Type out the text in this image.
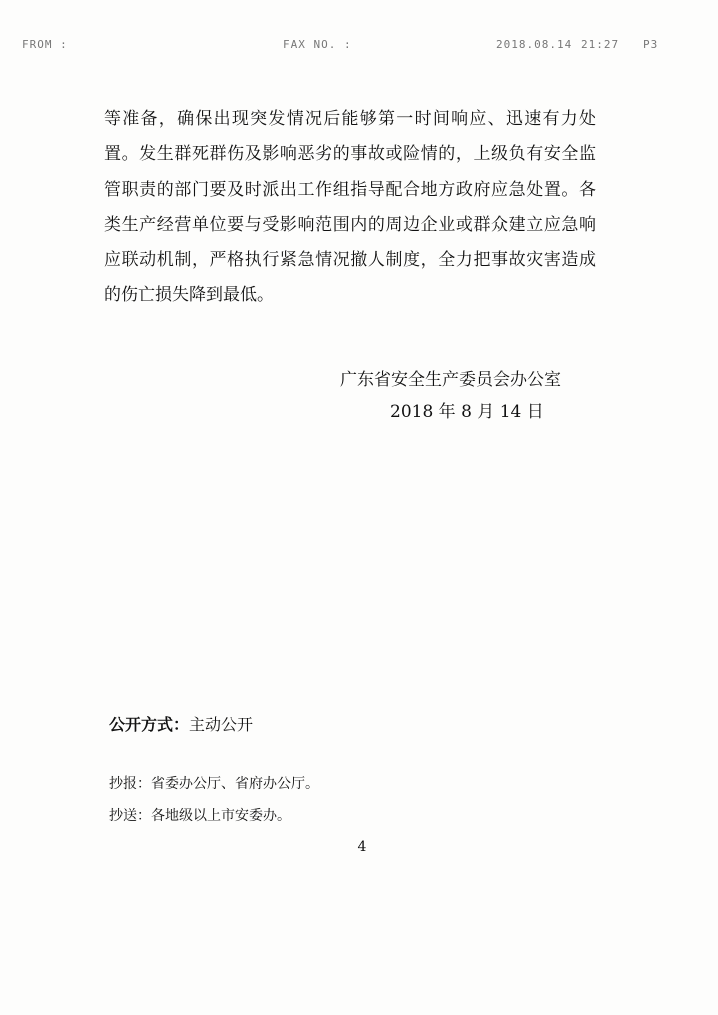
FROM :	FAX NO. :	2018.08.14 21:27 P3

等准备，确保出现突发情况后能够第一时间响应、迅速有力处置。发生群死群伤及影响恶劣的事故或险情的，上级负有安全监管职责的部门要及时派出工作组指导配合地方政府应急处置。各类生产经营单位要与受影响范围内的周边企业或群众建立应急响应联动机制，严格执行紧急情况撤人制度，全力把事故灾害造成的伤亡损失降到最低。

广东省安全生产委员会办公室
2018 年 8 月 14 日
公开方式：主动公开
抄报：省委办公厅、省府办公厅。
抄送：各地级以上市安委办。
4
